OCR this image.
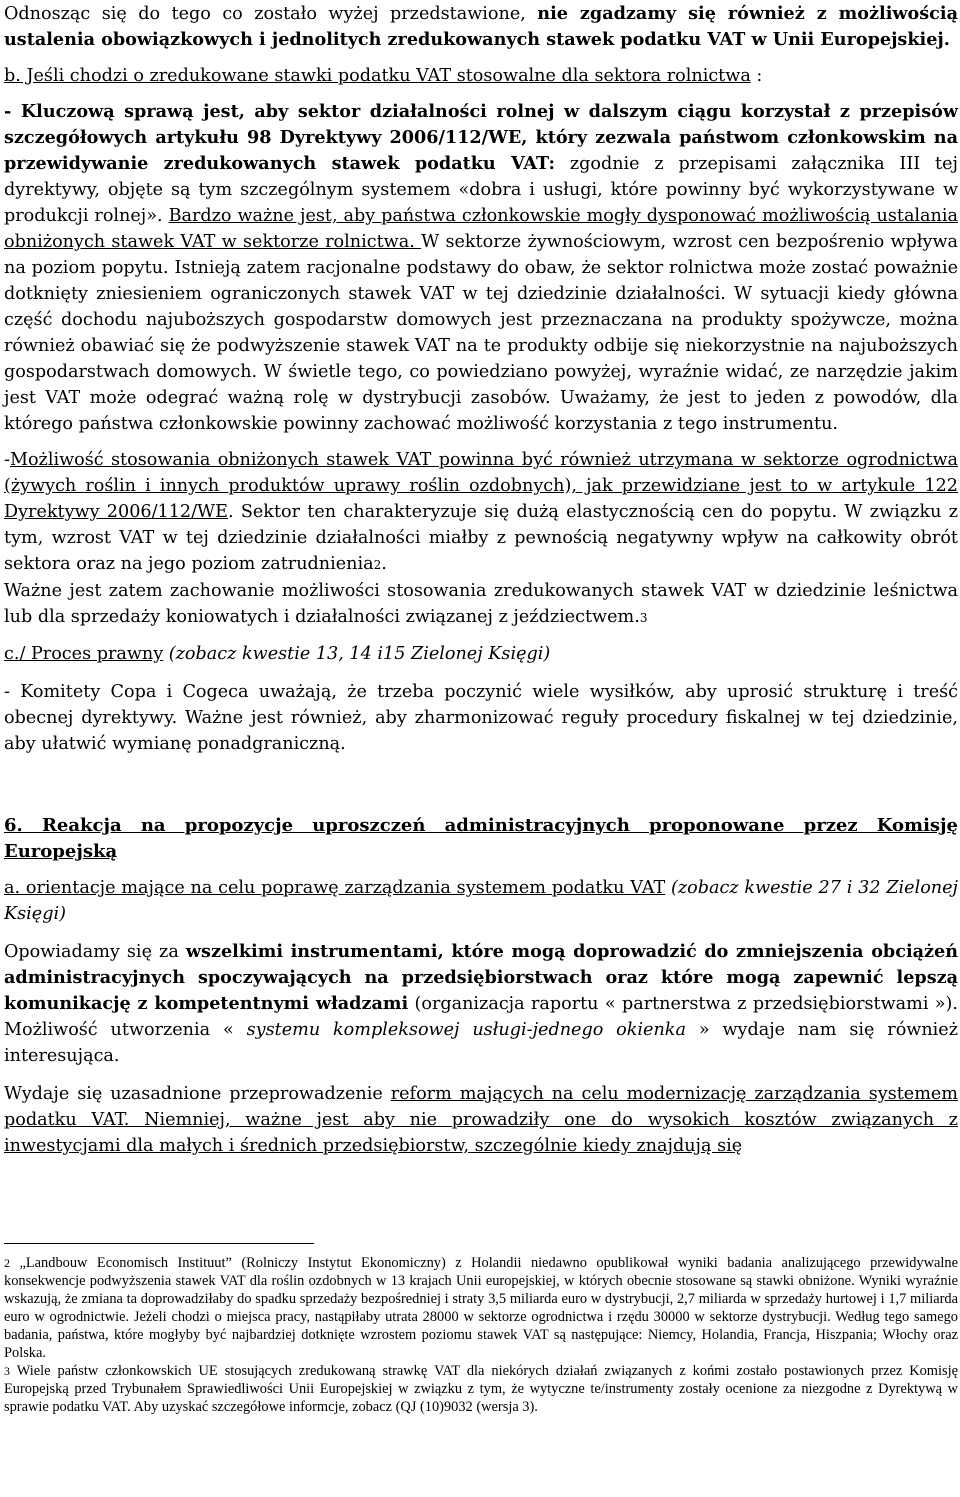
Odnosząc się do tego co zostało wyżej przedstawione, nie zgadzamy się również z możliwością ustalenia obowiązkowych i jednolitych zredukowanych stawek podatku VAT w Unii Europejskiej.

b. Jeśli chodzi o zredukowane stawki podatku VAT stosowalne dla sektora rolnictwa :

- Kluczową sprawą jest, aby sektor działalności rolnej w dalszym ciągu korzystał z przepisów szczegółowych artykułu 98 Dyrektywy 2006/112/WE, który zezwala państwom członkowskim na przewidywanie zredukowanych stawek podatku VAT: zgodnie z przepisami załącznika III tej dyrektywy, objęte są tym szczególnym systemem «dobra i usługi, które powinny być wykorzystywane w produkcji rolnej». Bardzo ważne jest, aby państwa członkowskie mogły dysponować możliwością ustalania obniżonych stawek VAT w sektorze rolnictwa. W sektorze żywnościowym, wzrost cen bezpośrenio wpływa na poziom popytu. Istnieją zatem racjonalne podstawy do obaw, że sektor rolnictwa może zostać poważnie dotknięty zniesieniem ograniczonych stawek VAT w tej dziedzinie działalności. W sytuacji kiedy główna część dochodu najuboższych gospodarstw domowych jest przeznaczana na produkty spożywcze, można również obawiać się że podwyższenie stawek VAT na te produkty odbije się niekorzystnie na najuboższych gospodarstwach domowych. W świetle tego, co powiedziano powyżej, wyraźnie widać, ze narzędzie jakim jest VAT może odegrać ważną rolę w dystrybucji zasobów. Uważamy, że jest to jeden z powodów, dla którego państwa członkowskie powinny zachować możliwość korzystania z tego instrumentu.

-Możliwość stosowania obniżonych stawek VAT powinna być również utrzymana w sektorze ogrodnictwa (żywych roślin i innych produktów uprawy roślin ozdobnych), jak przewidziane jest to w artykule 122 Dyrektywy 2006/112/WE. Sektor ten charakteryzuje się dużą elastycznością cen do popytu. W związku z tym, wzrost VAT w tej dziedzinie działalności miałby z pewnością negatywny wpływ na całkowity obrót sektora oraz na jego poziom zatrudnienia2.

Ważne jest zatem zachowanie możliwości stosowania zredukowanych stawek VAT w dziedzinie leśnictwa lub dla sprzedaży koniowatych i działalności związanej z jeździectwem.3

c./ Proces prawny (zobacz kwestie 13, 14 i15 Zielonej Księgi)

- Komitety Copa i Cogeca uważają, że trzeba poczynić wiele wysiłków, aby uprosić strukturę i treść obecnej dyrektywy. Ważne jest również, aby zharmonizować reguły procedury fiskalnej w tej dziedzinie, aby ułatwić wymianę ponadgraniczną.

6. Reakcja na propozycje uproszczeń administracyjnych proponowane przez Komisję Europejską

a. orientacje mające na celu poprawę zarządzania systemem podatku VAT (zobacz kwestie 27 i 32 Zielonej Księgi)

Opowiadamy się za wszelkimi instrumentami, które mogą doprowadzić do zmniejszenia obciążeń administracyjnych spoczywających na przedsiębiorstwach oraz które mogą zapewnić lepszą komunikację z kompetentnymi władzami (organizacja raportu « partnerstwa z przedsiębiorstwami »). Możliwość utworzenia « systemu kompleksowej usługi-jednego okienka » wydaje nam się również interesująca.

Wydaje się uzasadnione przeprowadzenie reform mających na celu modernizację zarządzania systemem podatku VAT. Niemniej, ważne jest aby nie prowadziły one do wysokich kosztów związanych z inwestycjami dla małych i średnich przedsiębiorstw, szczególnie kiedy znajdują się

2 „Landbouw Economisch Instituut” (Rolniczy Instytut Ekonomiczny) z Holandii niedawno opublikował wyniki badania analizującego przewidywalne konsekwencje podwyższenia stawek VAT dla roślin ozdobnych w 13 krajach Unii europejskiej, w których obecnie stosowane są stawki obniżone. Wyniki wyraźnie wskazują, że zmiana ta doprowadziłaby do spadku sprzedaży bezpośredniej i straty 3,5 miliarda euro w dystrybucji, 2,7 miliarda w sprzedaży hurtowej i 1,7 miliarda euro w ogrodnictwie. Jeżeli chodzi o miejsca pracy, nastąpiłaby utrata 28000 w sektorze ogrodnictwa i rzędu 30000 w sektorze dystrybucji. Według tego samego badania, państwa, które mogłyby być najbardziej dotknięte wzrostem poziomu stawek VAT są następujące: Niemcy, Holandia, Francja, Hiszpania; Włochy oraz Polska.

3 Wiele państw członkowskich UE stosujących zredukowaną strawkę VAT dla niekórych działań związanych z końmi zostało postawionych przez Komisję Europejską przed Trybunałem Sprawiedliwości Unii Europejskiej w związku z tym, że wytyczne te/instrumenty zostały ocenione za niezgodne z Dyrektywą w sprawie podatku VAT. Aby uzyskać szczegółowe informcje, zobacz (QJ (10)9032 (wersja 3).
